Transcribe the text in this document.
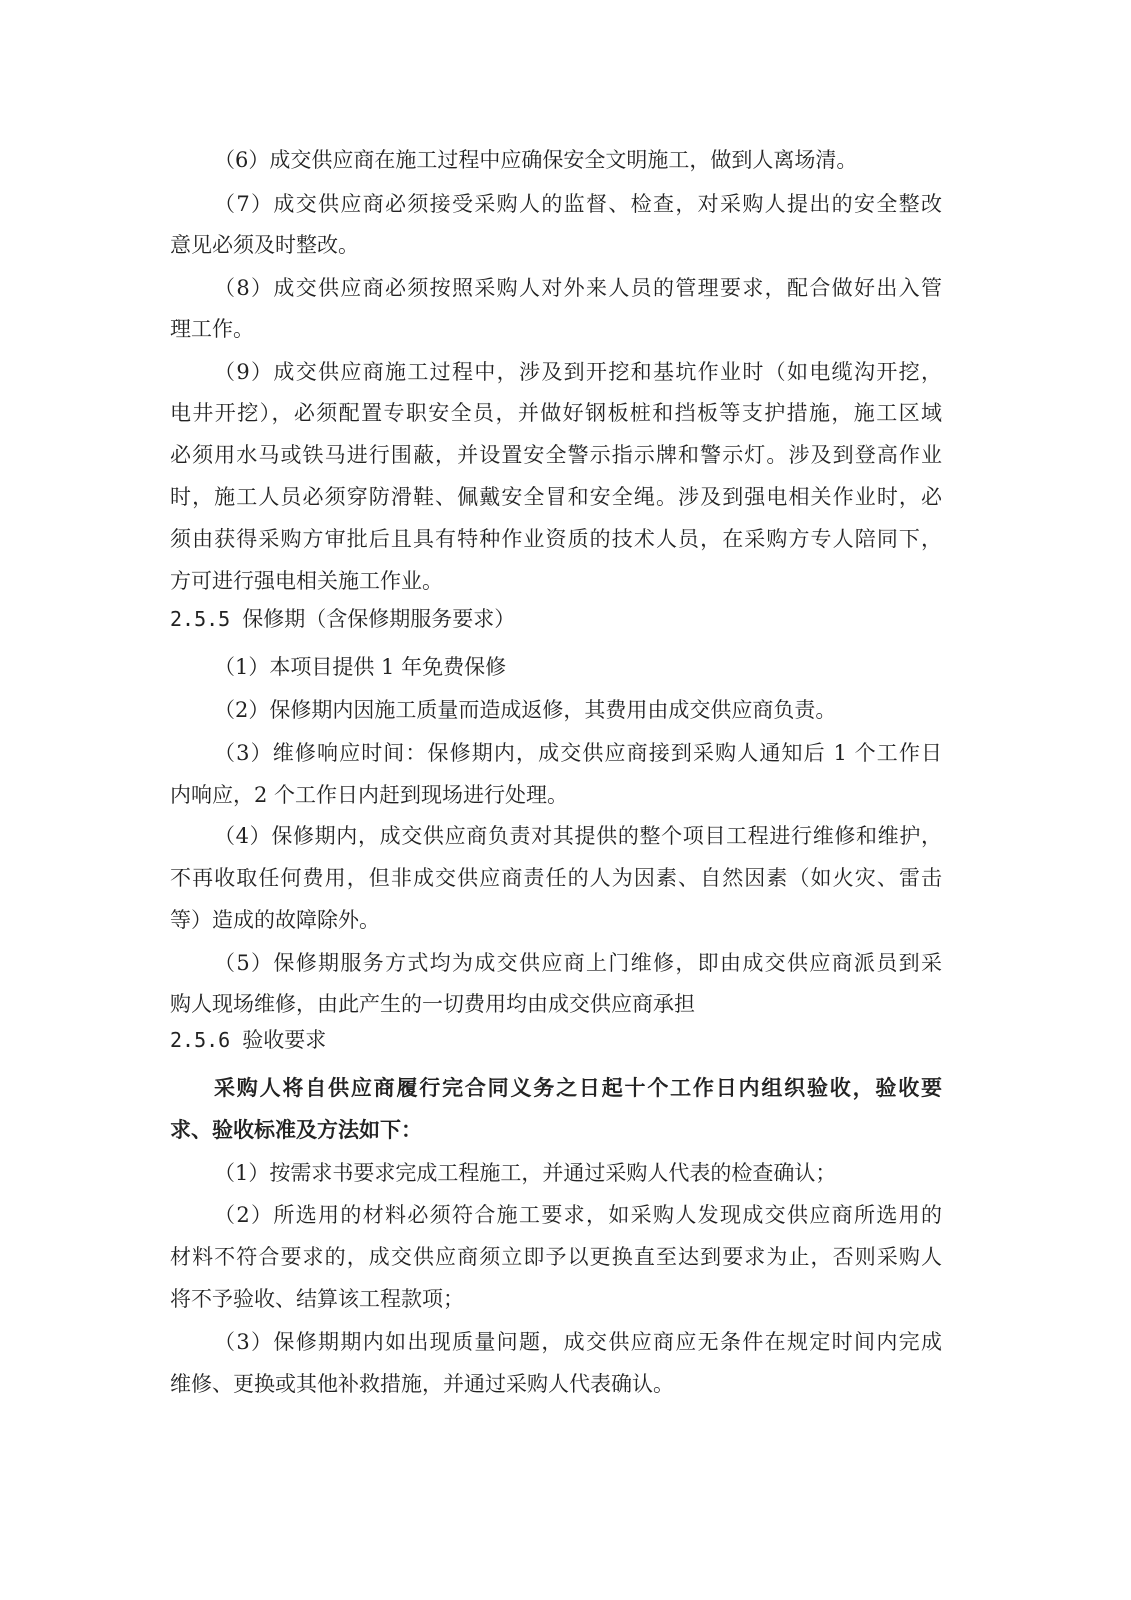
（6）成交供应商在施工过程中应确保安全文明施工，做到人离场清。
（7）成交供应商必须接受采购人的监督、检查，对采购人提出的安全整改
意见必须及时整改。
（8）成交供应商必须按照采购人对外来人员的管理要求，配合做好出入管
理工作。
（9）成交供应商施工过程中，涉及到开挖和基坑作业时（如电缆沟开挖，
电井开挖），必须配置专职安全员，并做好钢板桩和挡板等支护措施，施工区域
必须用水马或铁马进行围蔽，并设置安全警示指示牌和警示灯。涉及到登高作业
时，施工人员必须穿防滑鞋、佩戴安全冒和安全绳。涉及到强电相关作业时，必
须由获得采购方审批后且具有特种作业资质的技术人员，在采购方专人陪同下，
方可进行强电相关施工作业。
2.5.5 保修期（含保修期服务要求）
（1）本项目提供 1 年免费保修
（2）保修期内因施工质量而造成返修，其费用由成交供应商负责。
（3）维修响应时间：保修期内，成交供应商接到采购人通知后 1 个工作日
内响应，2 个工作日内赶到现场进行处理。
（4）保修期内，成交供应商负责对其提供的整个项目工程进行维修和维护，
不再收取任何费用，但非成交供应商责任的人为因素、自然因素（如火灾、雷击
等）造成的故障除外。
（5）保修期服务方式均为成交供应商上门维修，即由成交供应商派员到采
购人现场维修，由此产生的一切费用均由成交供应商承担
2.5.6 验收要求
采购人将自供应商履行完合同义务之日起十个工作日内组织验收，验收要
求、验收标准及方法如下：
（1）按需求书要求完成工程施工，并通过采购人代表的检查确认；
（2）所选用的材料必须符合施工要求，如采购人发现成交供应商所选用的
材料不符合要求的，成交供应商须立即予以更换直至达到要求为止，否则采购人
将不予验收、结算该工程款项；
（3）保修期期内如出现质量问题，成交供应商应无条件在规定时间内完成
维修、更换或其他补救措施，并通过采购人代表确认。
